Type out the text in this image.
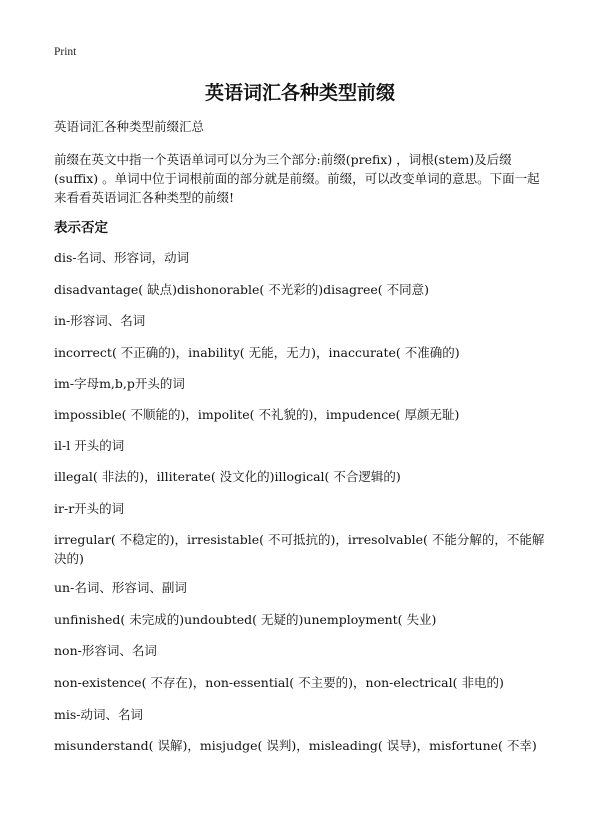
Print
英语词汇各种类型前缀

英语词汇各种类型前缀汇总

前缀在英文中指一个英语单词可以分为三个部分:前缀(prefix) ，词根(stem)及后缀(suffix) 。单词中位于词根前面的部分就是前缀。前缀，可以改变单词的意思。下面一起来看看英语词汇各种类型的前缀!

表示否定

dis-名词、形容词，动词

disadvantage( 缺点)dishonorable( 不光彩的)disagree( 不同意)

in-形容词、名词

incorrect( 不正确的)，inability( 无能，无力)，inaccurate( 不准确的)

im-字母m,b,p开头的词

impossible( 不顺能的)，impolite( 不礼貌的)，impudence( 厚颜无耻)

il-l 开头的词

illegal( 非法的)，illiterate( 没文化的)illogical( 不合逻辑的)

ir-r开头的词

irregular( 不稳定的)，irresistable( 不可抵抗的)，irresolvable( 不能分解的，不能解决的)

un-名词、形容词、副词

unfinished( 未完成的)undoubted( 无疑的)unemployment( 失业)

non-形容词、名词

non-existence( 不存在)，non-essential( 不主要的)，non-electrical( 非电的)

mis-动词、名词

misunderstand( 误解)，misjudge( 误判)，misleading( 误导)，misfortune( 不幸)
